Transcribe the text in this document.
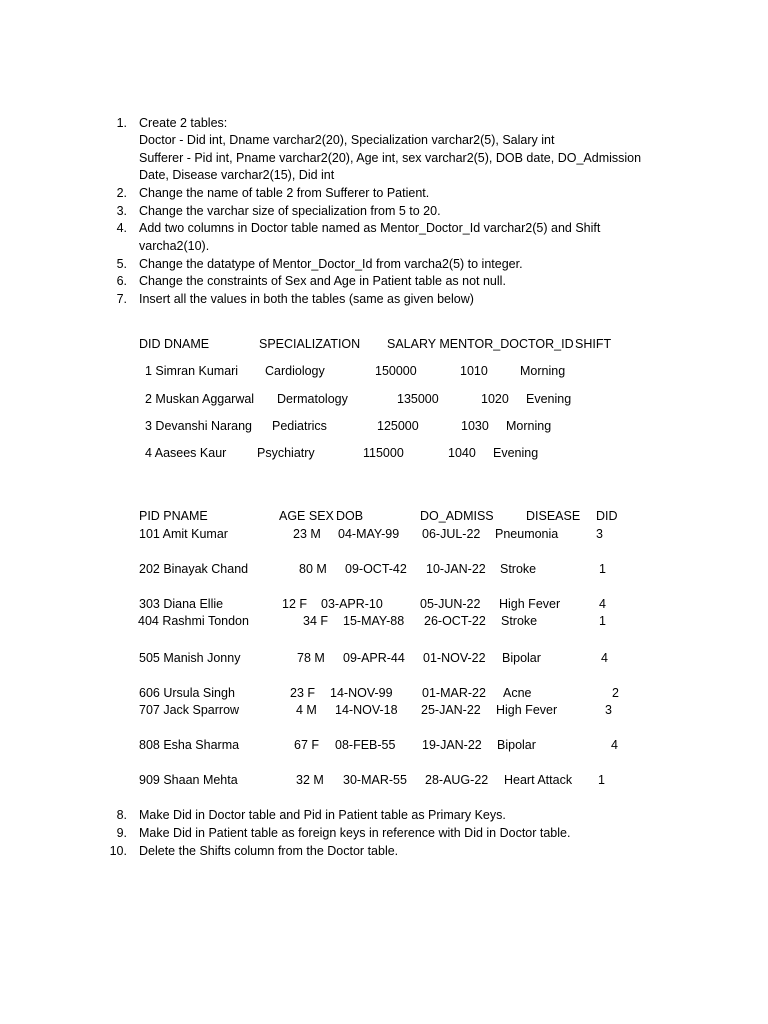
1. Create 2 tables:
Doctor - Did int, Dname varchar2(20), Specialization varchar2(5), Salary int
Sufferer - Pid int, Pname varchar2(20), Age int, sex varchar2(5), DOB date, DO_Admission
Date, Disease varchar2(15), Did int
2. Change the name of table 2 from Sufferer to Patient.
3. Change the varchar size of specialization from 5 to 20.
4. Add two columns in Doctor table named as Mentor_Doctor_Id varchar2(5) and Shift
varcha2(10).
5. Change the datatype of Mentor_Doctor_Id from varcha2(5) to integer.
6. Change the constraints of Sex and Age in Patient table as not null.
7. Insert all the values in both the tables (same as given below)
DID DNAME	SPECIALIZATION SALARY MENTOR_DOCTOR_ID SHIFT
1 Simran Kumari Cardiology	150000	1010	Morning
2 Muskan Aggarwal Dermatology	135000	1020 Evening
3 Devanshi Narang Pediatrics	125000	1030 Morning
4 Aasees Kaur Psychiatry	115000	1040 Evening
PID PNAME	AGE SEX DOB	DO_ADMISS	DISEASE DID
101 Amit Kumar	23 M 04-MAY-99 06-JUL-22 Pneumonia	3
202 Binayak Chand	80 M 09-OCT-42 10-JAN-22 Stroke	1
303 Diana Ellie	12 F 03-APR-10	05-JUN-22 High Fever	4
404 Rashmi Tondon	34 F 15-MAY-88 26-OCT-22 Stroke	1
505 Manish Jonny	78 M 09-APR-44 01-NOV-22 Bipolar	4
606 Ursula Singh	23 F 14-NOV-99 01-MAR-22 Acne	2
707 Jack Sparrow	4 M 14-NOV-18 25-JAN-22 High Fever	3
808 Esha Sharma	67 F 08-FEB-55 19-JAN-22 Bipolar	4
909 Shaan Mehta	32 M 30-MAR-55 28-AUG-22 Heart Attack 1
8. Make Did in Doctor table and Pid in Patient table as Primary Keys.
9. Make Did in Patient table as foreign keys in reference with Did in Doctor table.
10. Delete the Shifts column from the Doctor table.
